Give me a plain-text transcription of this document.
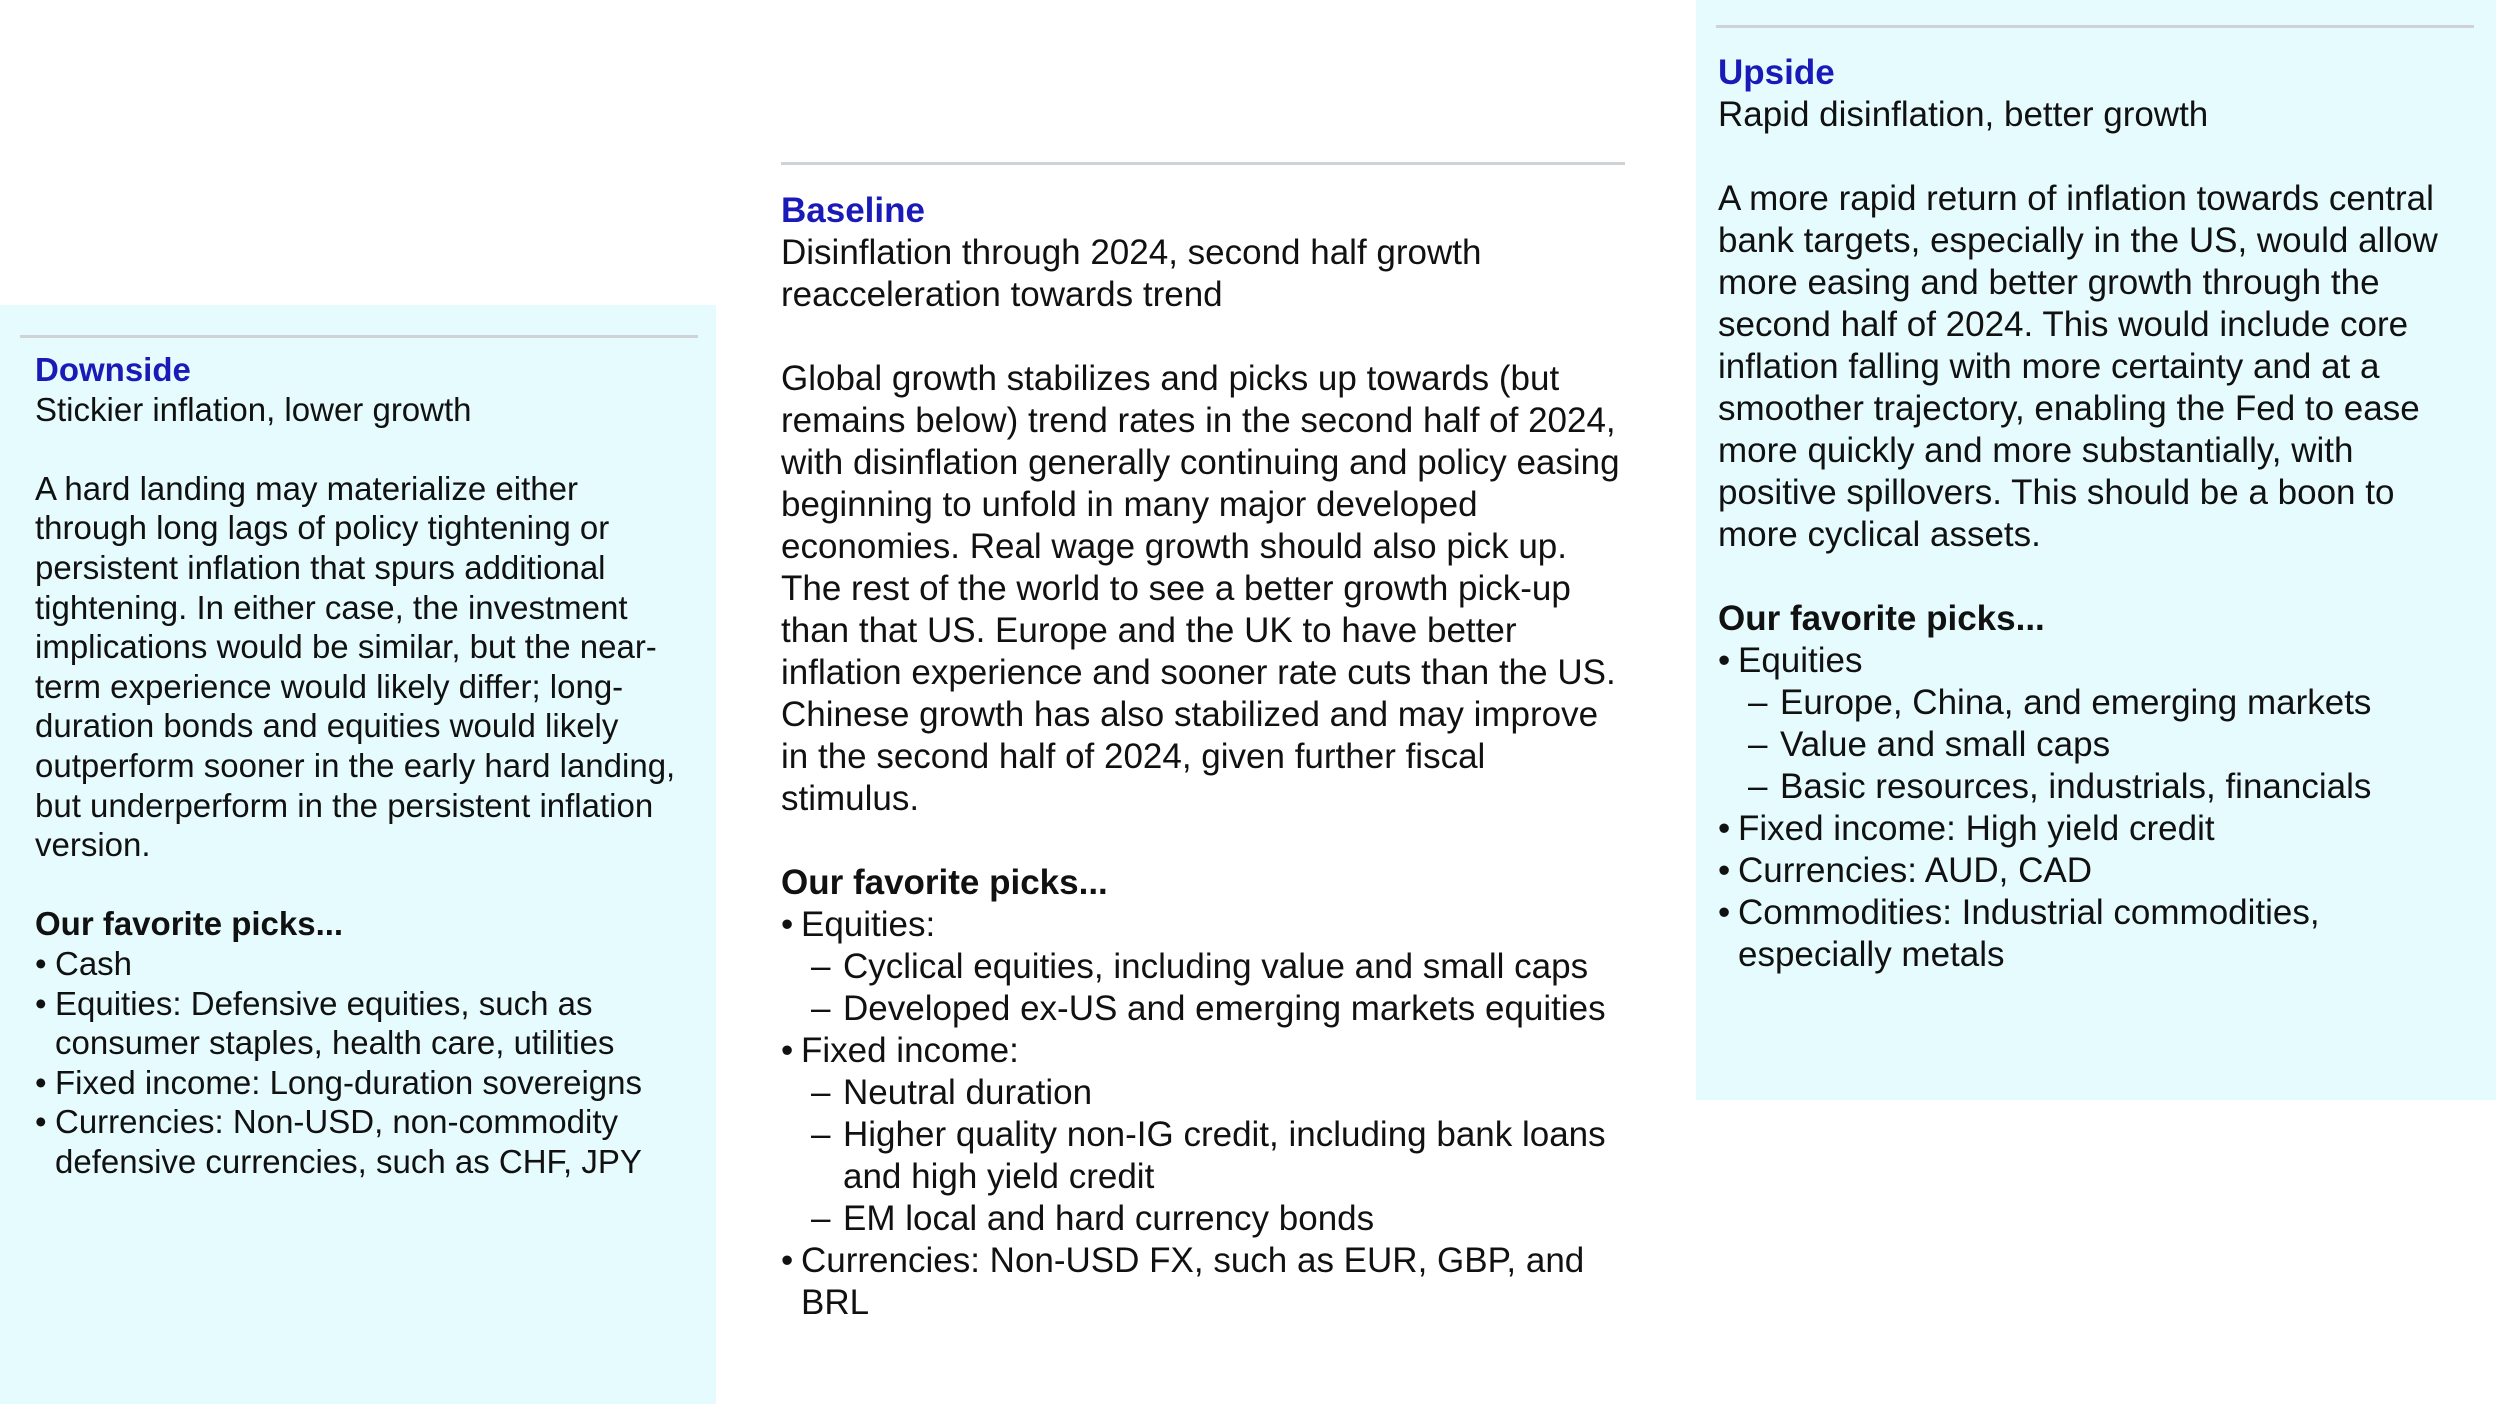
Downside

Stickier inflation, lower growth

A hard landing may materialize either through long lags of policy tightening or persistent inflation that spurs additional tightening. In either case, the investment implications would be similar, but the near-term experience would likely differ; long-duration bonds and equities would likely outperform sooner in the early hard landing, but underperform in the persistent inflation version.

Our favorite picks...

• Cash
• Equities: Defensive equities, such as consumer staples, health care, utilities
• Fixed income: Long-duration sovereigns
• Currencies: Non-USD, non-commodity defensive currencies, such as CHF, JPY

Baseline

Disinflation through 2024, second half growth reacceleration towards trend

Global growth stabilizes and picks up towards (but remains below) trend rates in the second half of 2024, with disinflation generally continuing and policy easing beginning to unfold in many major developed economies. Real wage growth should also pick up. The rest of the world to see a better growth pick-up than that US. Europe and the UK to have better inflation experience and sooner rate cuts than the US. Chinese growth has also stabilized and may improve in the second half of 2024, given further fiscal stimulus.

Our favorite picks...

• Equities:
– Cyclical equities, including value and small caps
– Developed ex-US and emerging markets equities
• Fixed income:
– Neutral duration
– Higher quality non-IG credit, including bank loans and high yield credit
– EM local and hard currency bonds
• Currencies: Non-USD FX, such as EUR, GBP, and BRL

Upside

Rapid disinflation, better growth

A more rapid return of inflation towards central bank targets, especially in the US, would allow more easing and better growth through the second half of 2024. This would include core inflation falling with more certainty and at a smoother trajectory, enabling the Fed to ease more quickly and more substantially, with positive spillovers. This should be a boon to more cyclical assets.

Our favorite picks...

• Equities
– Europe, China, and emerging markets
– Value and small caps
– Basic resources, industrials, financials
• Fixed income: High yield credit
• Currencies: AUD, CAD
• Commodities: Industrial commodities, especially metals
